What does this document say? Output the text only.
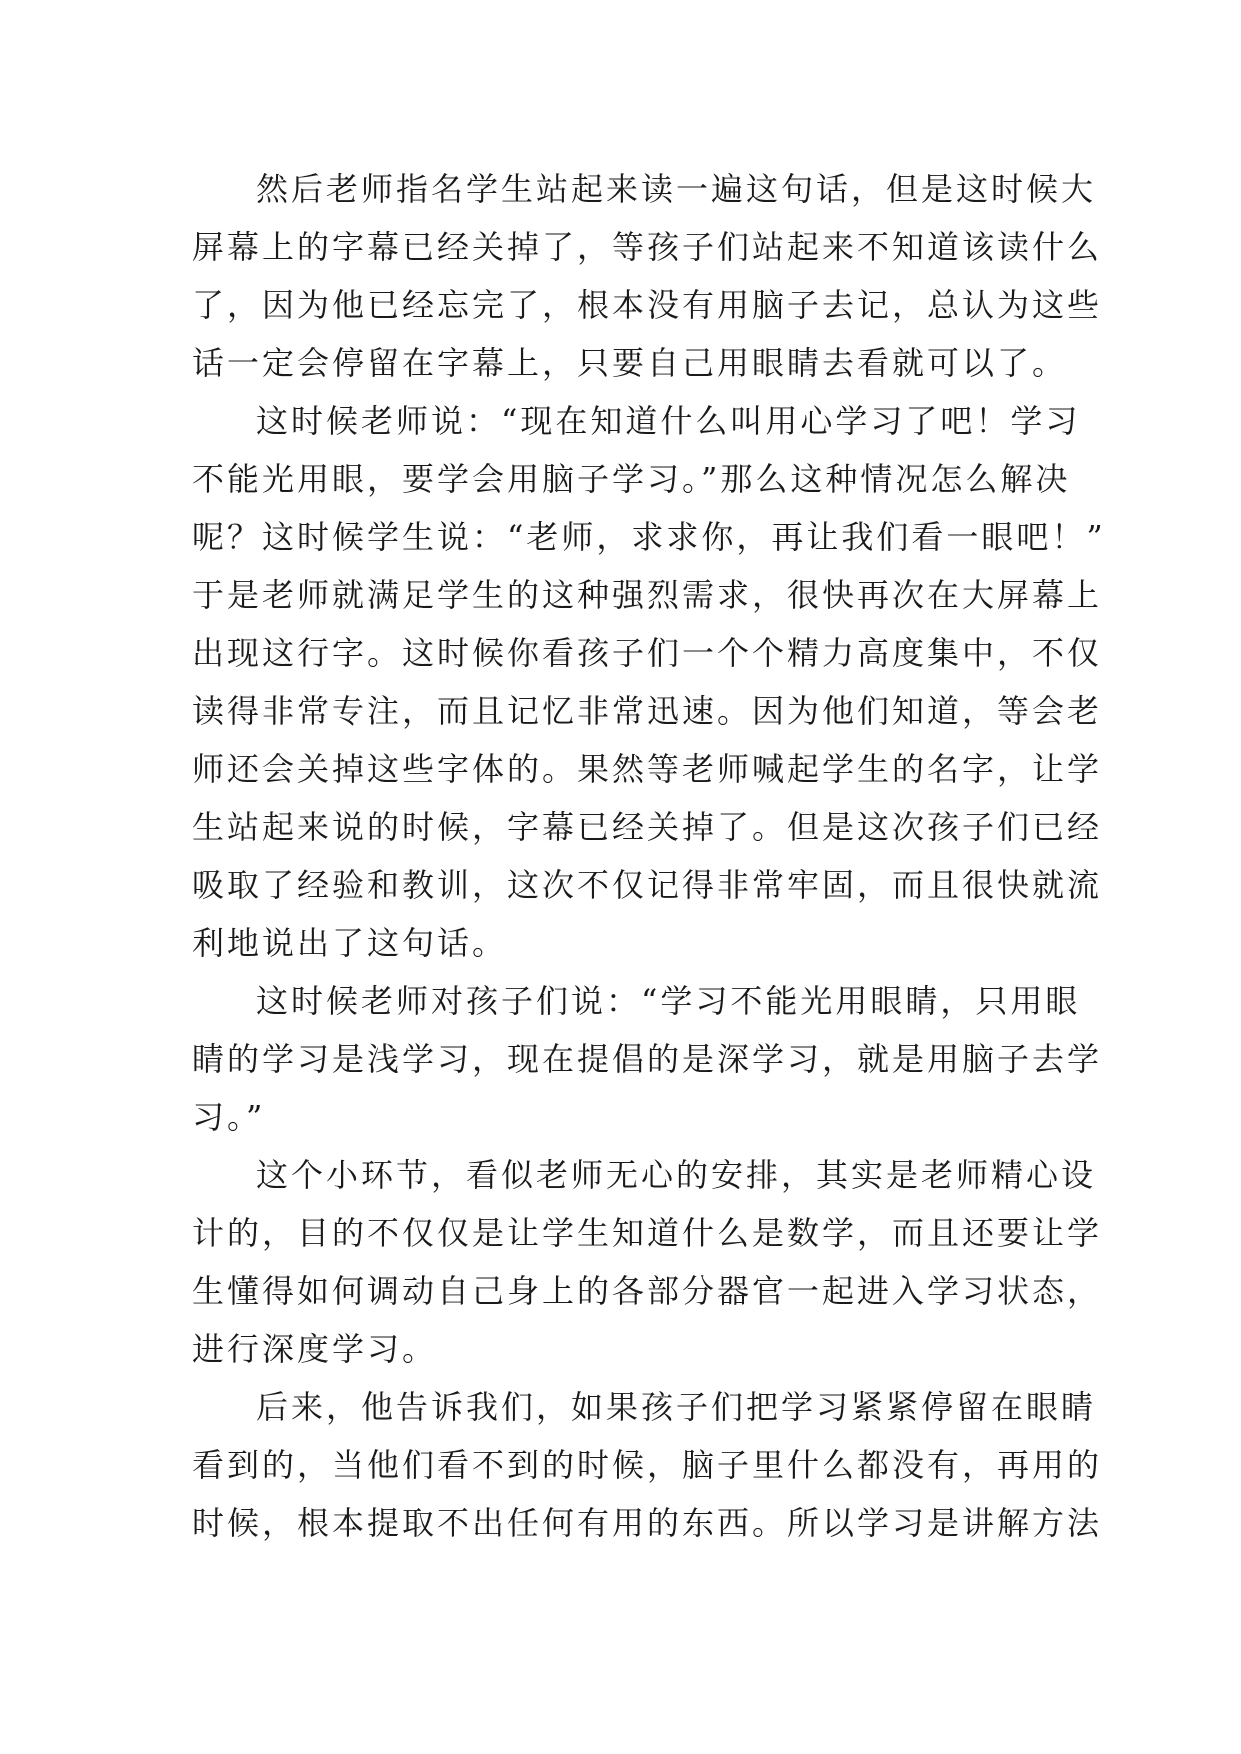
然后老师指名学生站起来读一遍这句话，但是这时候大
屏幕上的字幕已经关掉了，等孩子们站起来不知道该读什么
了，因为他已经忘完了，根本没有用脑子去记，总认为这些
话一定会停留在字幕上，只要自己用眼睛去看就可以了。
这时候老师说：“现在知道什么叫用心学习了吧！学习
不能光用眼，要学会用脑子学习。”那么这种情况怎么解决
呢？这时候学生说：“老师，求求你，再让我们看一眼吧！”
于是老师就满足学生的这种强烈需求，很快再次在大屏幕上
出现这行字。这时候你看孩子们一个个精力高度集中，不仅
读得非常专注，而且记忆非常迅速。因为他们知道，等会老
师还会关掉这些字体的。果然等老师喊起学生的名字，让学
生站起来说的时候，字幕已经关掉了。但是这次孩子们已经
吸取了经验和教训，这次不仅记得非常牢固，而且很快就流
利地说出了这句话。
这时候老师对孩子们说：“学习不能光用眼睛，只用眼
睛的学习是浅学习，现在提倡的是深学习，就是用脑子去学
习。”
这个小环节，看似老师无心的安排，其实是老师精心设
计的，目的不仅仅是让学生知道什么是数学，而且还要让学
生懂得如何调动自己身上的各部分器官一起进入学习状态，
进行深度学习。
后来，他告诉我们，如果孩子们把学习紧紧停留在眼睛
看到的，当他们看不到的时候，脑子里什么都没有，再用的
时候，根本提取不出任何有用的东西。所以学习是讲解方法
